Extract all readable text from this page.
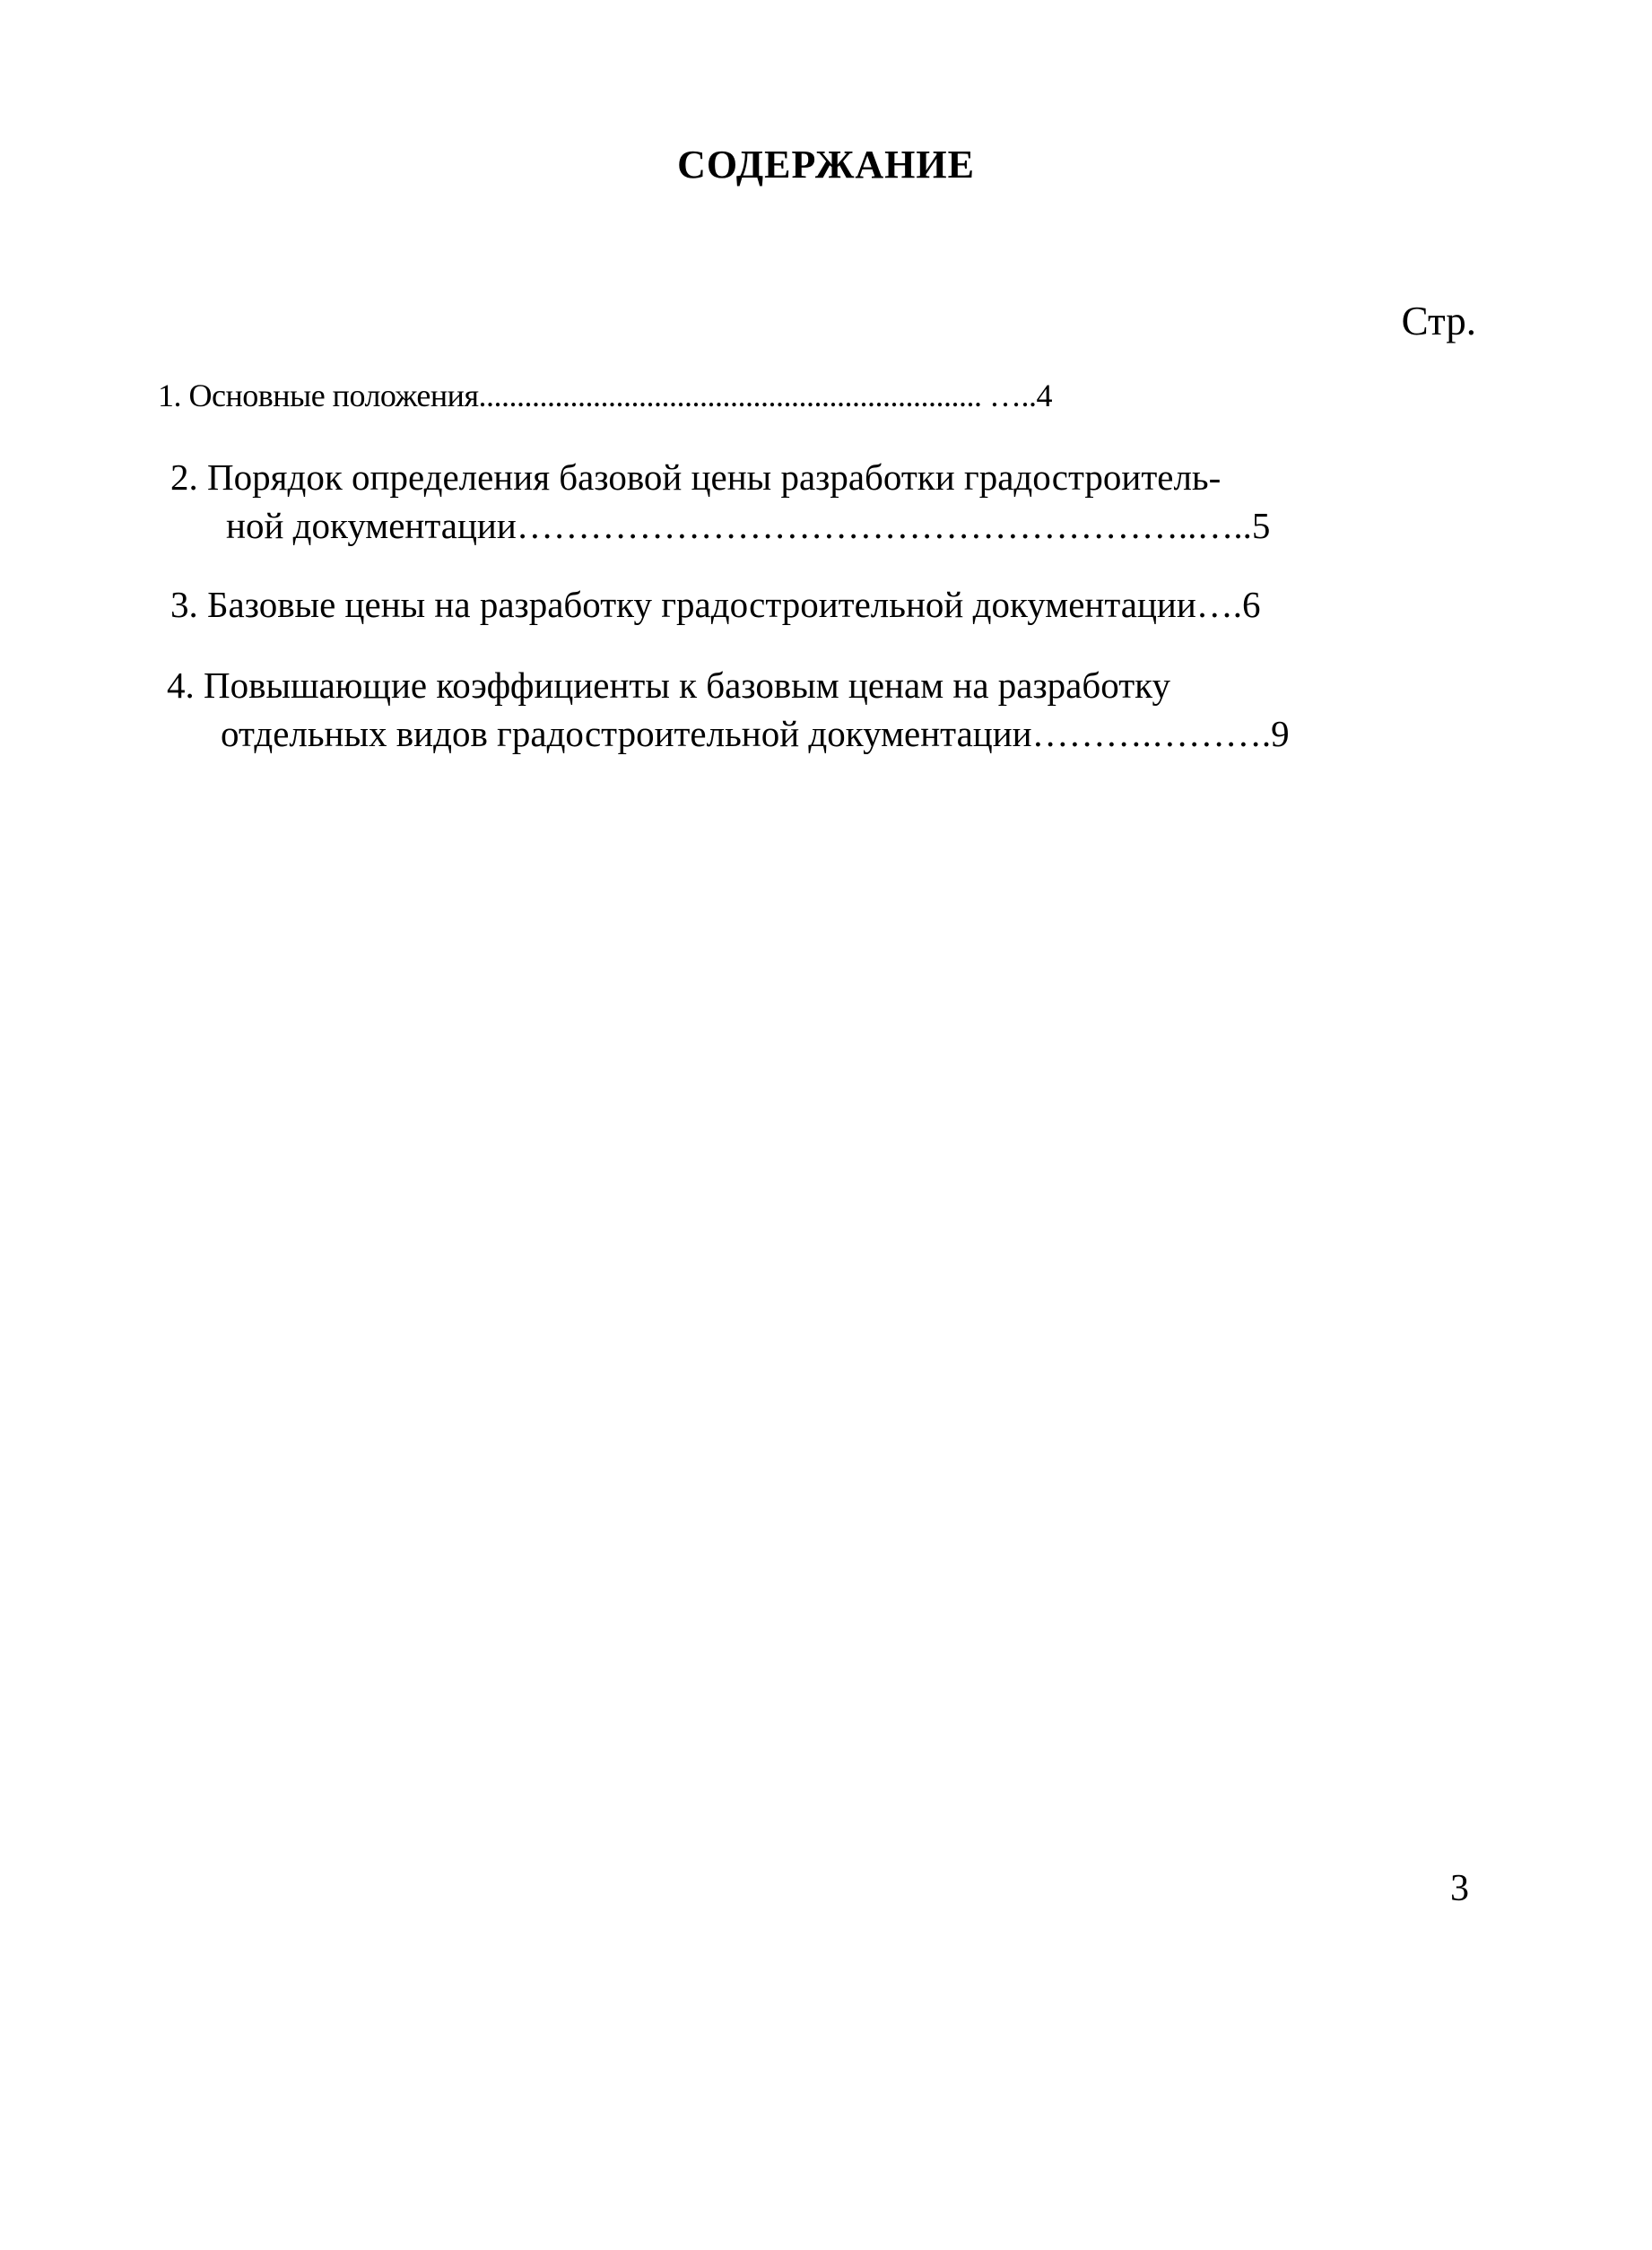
СОДЕРЖАНИЕ
Стр.
1. Основные положения.................................................................. …..4
2. Порядок определения базовой цены разработки градостроитель-
ной документации………………………………………………..…..5
3. Базовые цены на разработку градостроительной документации….6
4. Повышающие коэффициенты к базовым ценам на разработку
отдельных видов градостроительной документации……….……….9
3
